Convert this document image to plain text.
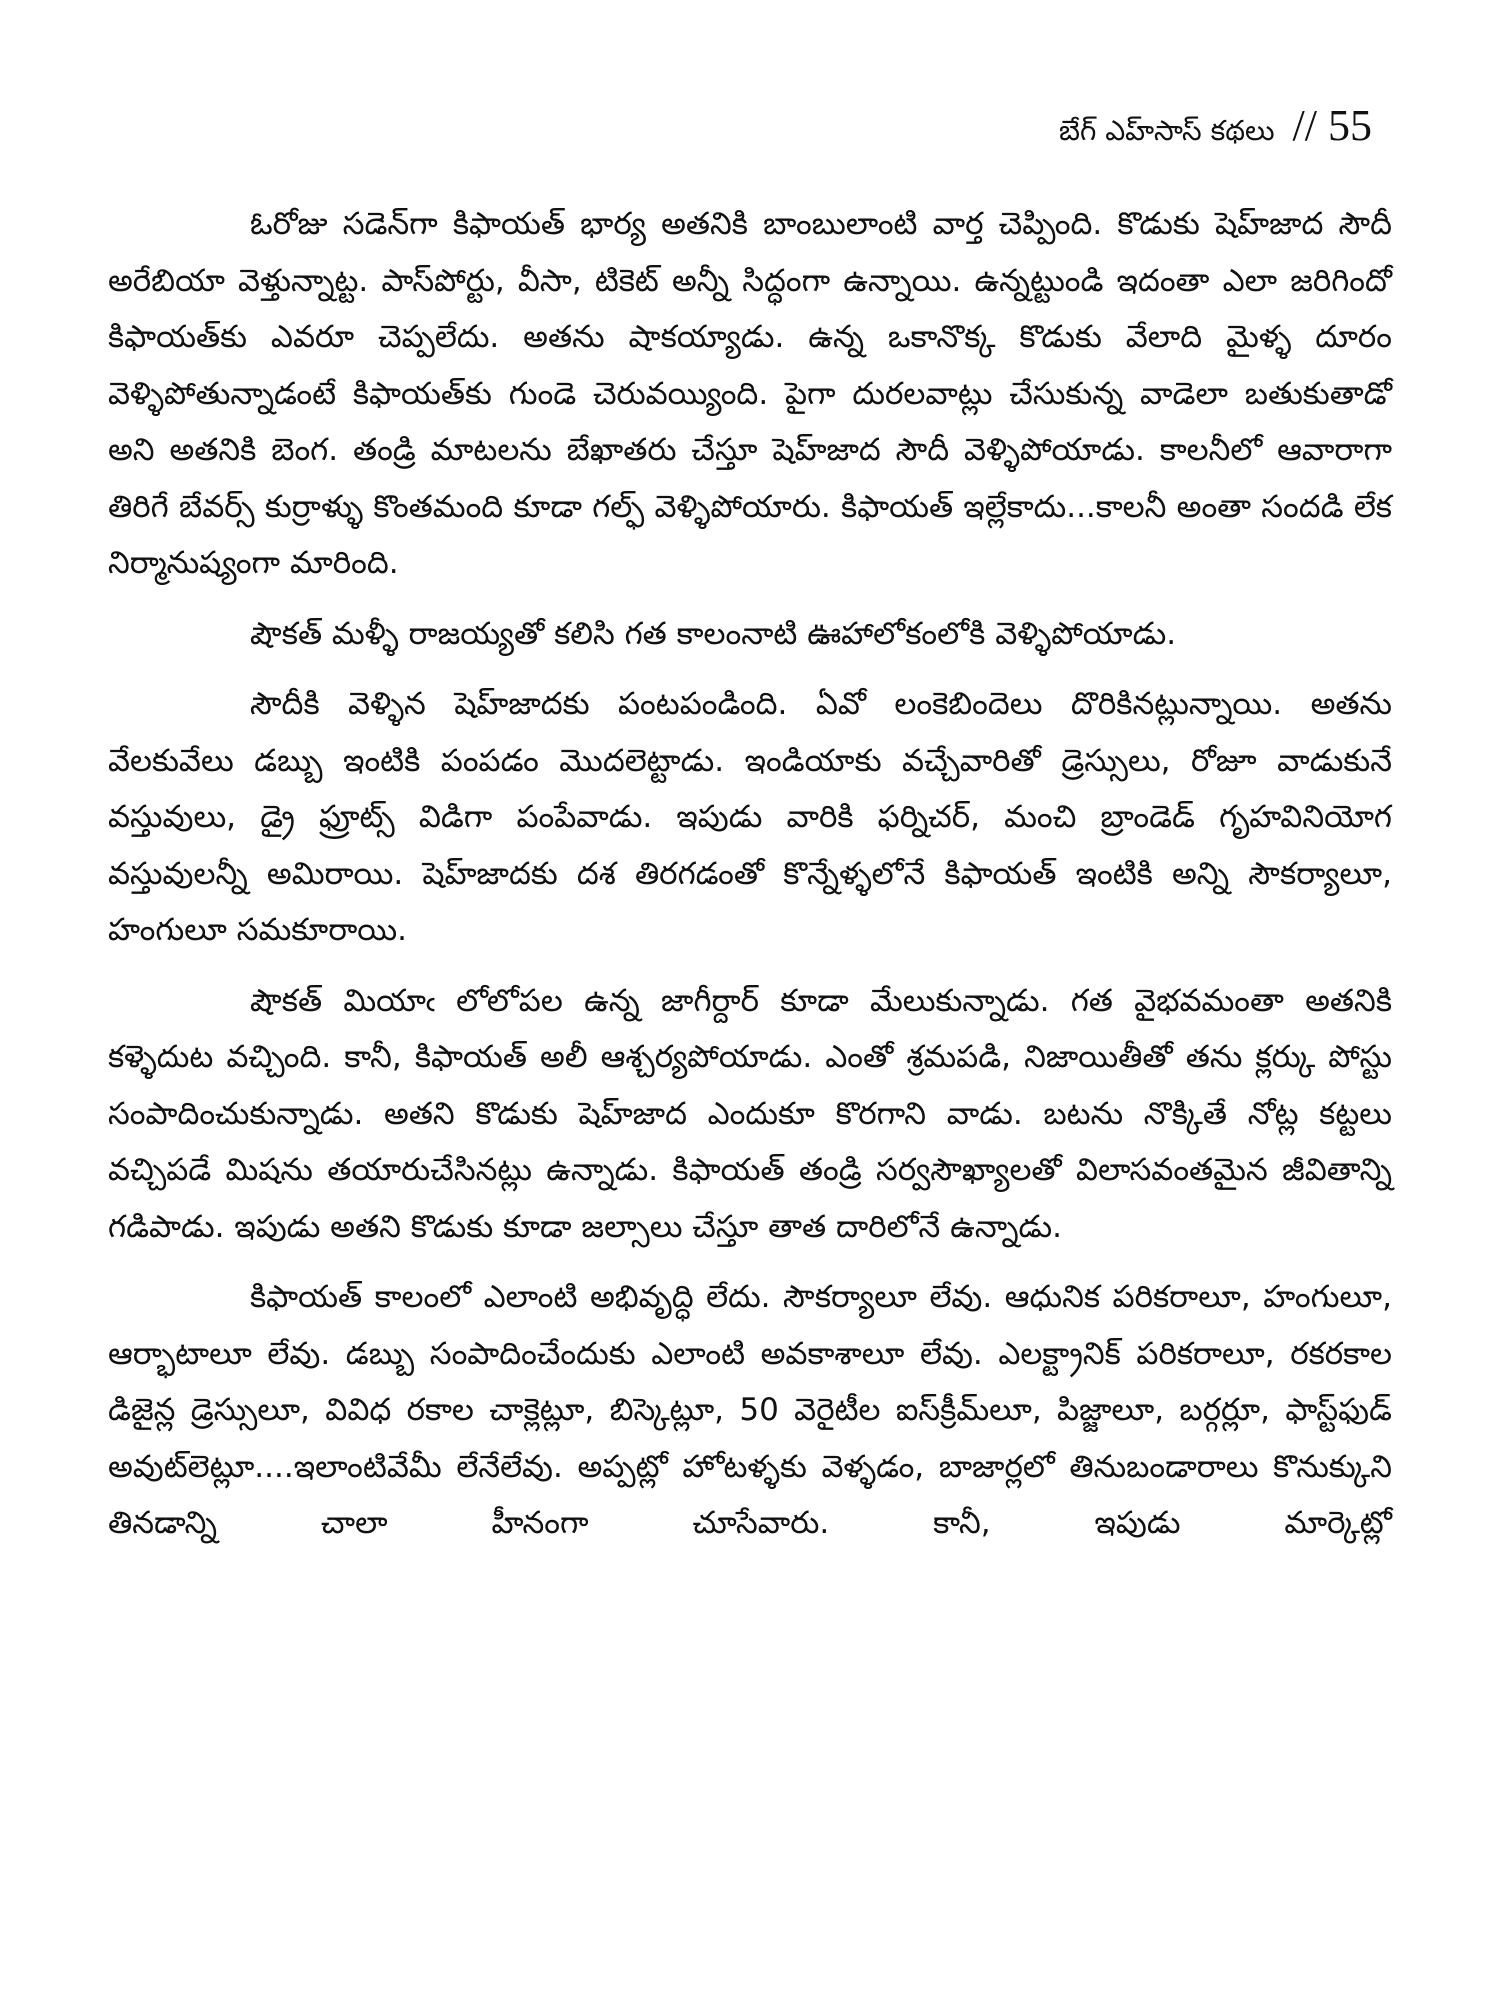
బేగ్ ఎహ్‌సాస్ కథలు // 55

ఓరోజు సడెన్‌గా కిఫాయత్ భార్య అతనికి బాంబులాంటి వార్త చెప్పింది. కొడుకు షెహ్‌జాద సౌదీ అరేబియా వెళ్తున్నాట్ట. పాస్‌పోర్టు, వీసా, టికెట్ అన్నీ సిద్ధంగా ఉన్నాయి. ఉన్నట్టుండి ఇదంతా ఎలా జరిగిందో కిఫాయత్‌కు ఎవరూ చెప్పలేదు. అతను షాకయ్యాడు. ఉన్న ఒకానొక్క కొడుకు వేలాది మైళ్ళ దూరం వెళ్ళిపోతున్నాడంటే కిఫాయత్‌కు గుండె చెరువయ్యింది. పైగా దురలవాట్లు చేసుకున్న వాడెలా బతుకుతాడో అని అతనికి బెంగ. తండ్రి మాటలను బేఖాతరు చేస్తూ షెహ్‌జాద సౌదీ వెళ్ళిపోయాడు. కాలనీలో ఆవారాగా తిరిగే బేవర్స్ కుర్రాళ్ళు కొంతమంది కూడా గల్ఫ్ వెళ్ళిపోయారు. కిఫాయత్ ఇల్లేకాదు...కాలనీ అంతా సందడి లేక నిర్మానుష్యంగా మారింది.

షౌకత్ మళ్ళీ రాజయ్యతో కలిసి గత కాలంనాటి ఊహాలోకంలోకి వెళ్ళిపోయాడు.

సౌదీకి వెళ్ళిన షెహ్‌జాదకు పంటపండింది. ఏవో లంకెబిందెలు దొరికినట్లున్నాయి. అతను వేలకువేలు డబ్బు ఇంటికి పంపడం మొదలెట్టాడు. ఇండియాకు వచ్చేవారితో డ్రెస్సులు, రోజూ వాడుకునే వస్తువులు, డ్రై ఫ్రూట్స్ విడిగా పంపేవాడు. ఇపుడు వారికి ఫర్నిచర్, మంచి బ్రాండెడ్ గృహవినియోగ వస్తువులన్నీ అమిరాయి. షెహ్‌జాదకు దశ తిరగడంతో కొన్నేళ్ళలోనే కిఫాయత్ ఇంటికి అన్ని సౌకర్యాలూ, హంగులూ సమకూరాయి.

షౌకత్ మియాఁ లోలోపల ఉన్న జాగీర్దార్ కూడా మేలుకున్నాడు. గత వైభవమంతా అతనికి కళ్ళెదుట వచ్చింది. కానీ, కిఫాయత్ అలీ ఆశ్చర్యపోయాడు. ఎంతో శ్రమపడి, నిజాయితీతో తను క్లర్కు పోస్టు సంపాదించుకున్నాడు. అతని కొడుకు షెహ్‌జాద ఎందుకూ కొరగాని వాడు. బటను నొక్కితే నోట్ల కట్టలు వచ్చిపడే మిషను తయారుచేసినట్లు ఉన్నాడు. కిఫాయత్ తండ్రి సర్వసౌఖ్యాలతో విలాసవంతమైన జీవితాన్ని గడిపాడు. ఇపుడు అతని కొడుకు కూడా జల్సాలు చేస్తూ తాత దారిలోనే ఉన్నాడు.

కిఫాయత్ కాలంలో ఎలాంటి అభివృద్ధి లేదు. సౌకర్యాలూ లేవు. ఆధునిక పరికరాలూ, హంగులూ, ఆర్భాటాలూ లేవు. డబ్బు సంపాదించేందుకు ఎలాంటి అవకాశాలూ లేవు. ఎలక్ట్రానిక్ పరికరాలూ, రకరకాల డిజైన్ల డ్రెస్సులూ, వివిధ రకాల చాక్లెట్లూ, బిస్కెట్లూ, 50 వెరైటీల ఐస్‌క్రీమ్‌లూ, పిజ్జాలూ, బర్గర్లూ, ఫాస్ట్‌ఫుడ్ అవుట్‌లెట్లూ....ఇలాంటివేమీ లేనేలేవు. అప్పట్లో హోటళ్ళకు వెళ్ళడం, బాజార్లలో తినుబండారాలు కొనుక్కుని తినడాన్ని చాలా హీనంగా చూసేవారు. కానీ, ఇపుడు మార్కెట్లో
